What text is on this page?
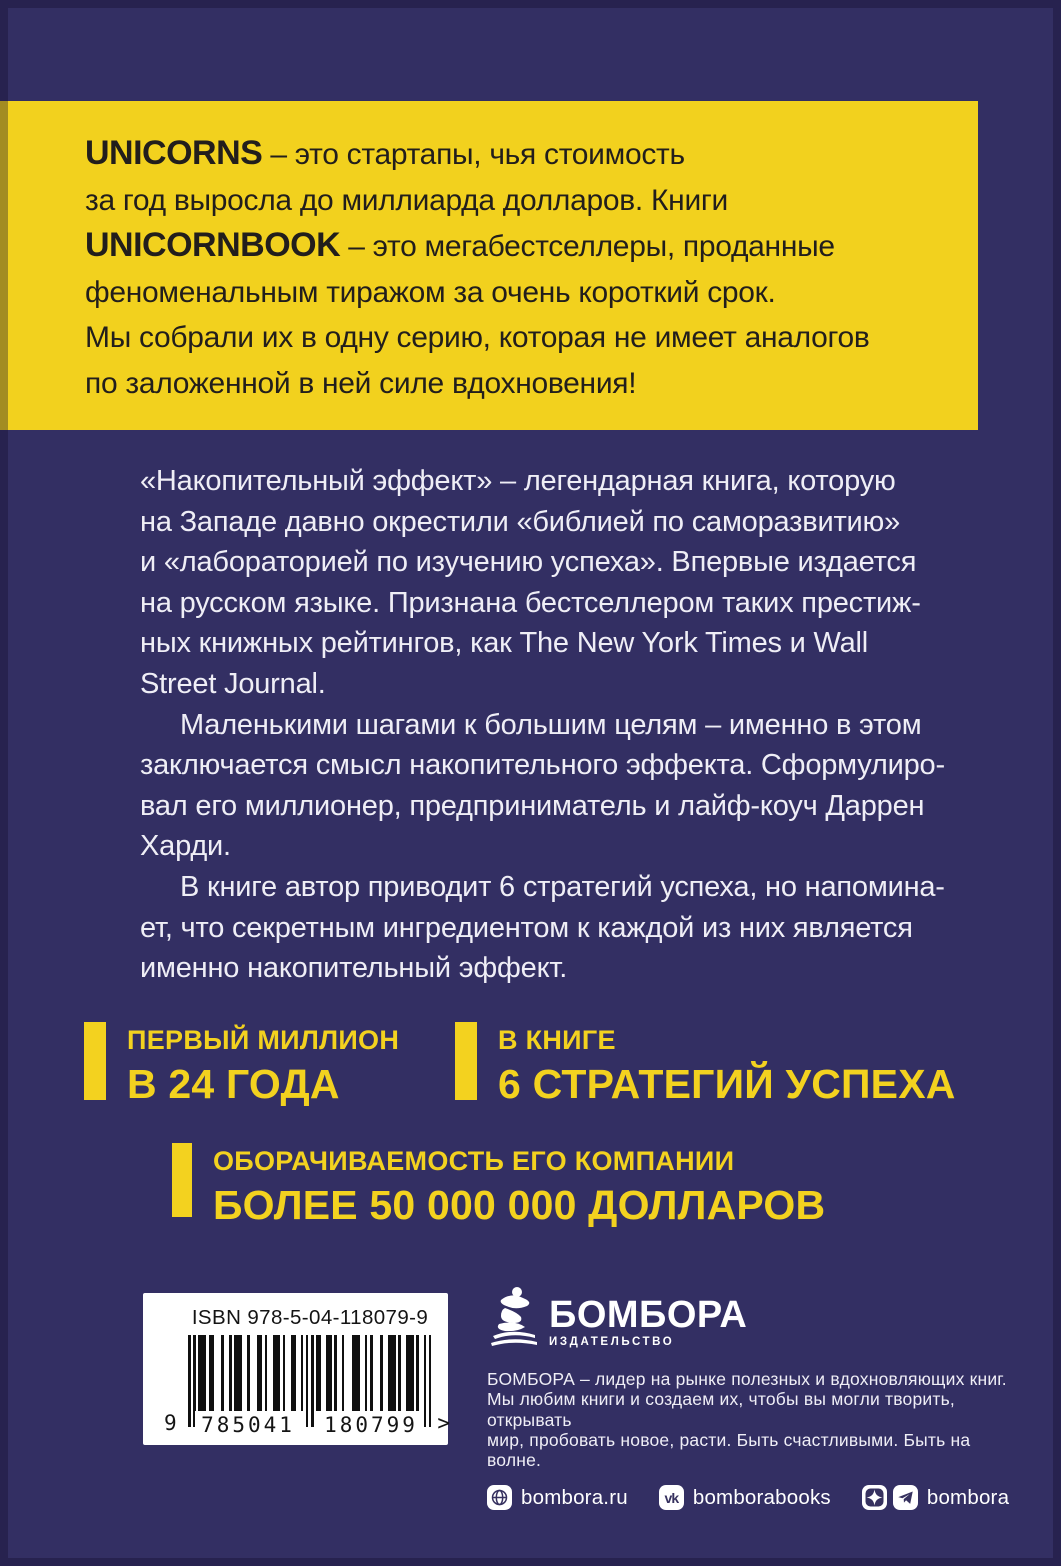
UNICORNS – это стартапы, чья стоимость
за год выросла до миллиарда долларов. Книги
UNICORNBOOK – это мегабестселлеры, проданные
феноменальным тиражом за очень короткий срок.
Мы собрали их в одну серию, которая не имеет аналогов
по заложенной в ней силе вдохновения!
«Накопительный эффект» – легендарная книга, которую
на Западе давно окрестили «библией по саморазвитию»
и «лабораторией по изучению успеха». Впервые издается
на русском языке. Признана бестселлером таких престиж-
ных книжных рейтингов, как The New York Times и Wall
Street Journal.
Маленькими шагами к большим целям – именно в этом
заключается смысл накопительного эффекта. Сформулиро-
вал его миллионер, предприниматель и лайф-коуч Даррен
Харди.
В книге автор приводит 6 стратегий успеха, но напомина-
ет, что секретным ингредиентом к каждой из них является
именно накопительный эффект.
ПЕРВЫЙ МИЛЛИОН
В 24 ГОДА
В КНИГЕ
6 СТРАТЕГИЙ УСПЕХА
ОБОРАЧИВАЕМОСТЬ ЕГО КОМПАНИИ
БОЛЕЕ 50 000 000 ДОЛЛАРОВ
ISBN 978-5-04-118079-9
9 785041 180799 >
БОМБОРА
ИЗДАТЕЛЬСТВО
БОМБОРА – лидер на рынке полезных и вдохновляющих книг.
Мы любим книги и создаем их, чтобы вы могли творить, открывать
мир, пробовать новое, расти. Быть счастливыми. Быть на волне.
bombora.ru	vk bomborabooks	bombora
